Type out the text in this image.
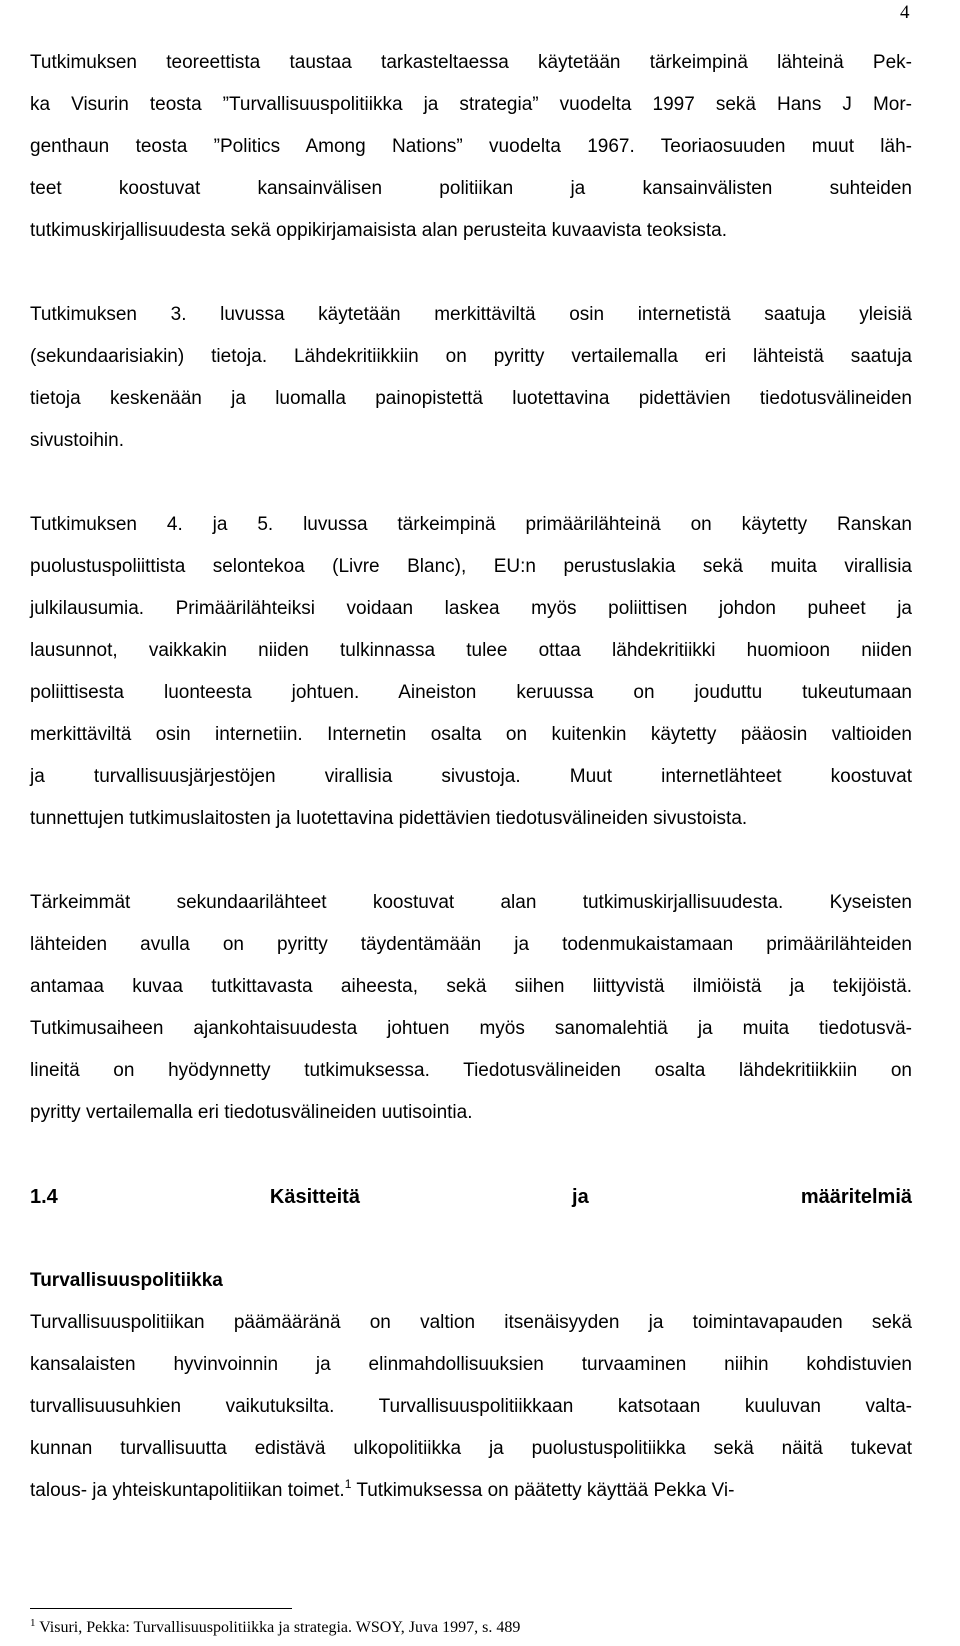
4
Tutkimuksen teoreettista taustaa tarkasteltaessa käytetään tärkeimpinä lähteinä Pek-
ka Visurin teosta ”Turvallisuuspolitiikka ja strategia” vuodelta 1997 sekä Hans J Mor-
genthaun teosta ”Politics Among Nations” vuodelta 1967. Teoriaosuuden muut läh-
teet koostuvat kansainvälisen politiikan ja kansainvälisten suhteiden
tutkimuskirjallisuudesta sekä oppikirjamaisista alan perusteita kuvaavista teoksista.
Tutkimuksen 3. luvussa käytetään merkittäviltä osin internetistä saatuja yleisiä
(sekundaarisiakin) tietoja. Lähdekritiikkiin on pyritty vertailemalla eri lähteistä saatuja
tietoja keskenään ja luomalla painopistettä luotettavina pidettävien tiedotusvälineiden
sivustoihin.
Tutkimuksen 4. ja 5. luvussa tärkeimpinä primäärilähteinä on käytetty Ranskan
puolustuspoliittista selontekoa (Livre Blanc), EU:n perustuslakia sekä muita virallisia
julkilausumia. Primäärilähteiksi voidaan laskea myös poliittisen johdon puheet ja
lausunnot, vaikkakin niiden tulkinnassa tulee ottaa lähdekritiikki huomioon niiden
poliittisesta luonteesta johtuen. Aineiston keruussa on jouduttu tukeutumaan
merkittäviltä osin internetiin. Internetin osalta on kuitenkin käytetty pääosin valtioiden
ja turvallisuusjärjestöjen virallisia sivustoja. Muut internetlähteet koostuvat
tunnettujen tutkimuslaitosten ja luotettavina pidettävien tiedotusvälineiden sivustoista.
Tärkeimmät sekundaarilähteet koostuvat alan tutkimuskirjallisuudesta. Kyseisten
lähteiden avulla on pyritty täydentämään ja todenmukaistamaan primäärilähteiden
antamaa kuvaa tutkittavasta aiheesta, sekä siihen liittyvistä ilmiöistä ja tekijöistä.
Tutkimusaiheen ajankohtaisuudesta johtuen myös sanomalehtiä ja muita tiedotusvä-
lineitä on hyödynnetty tutkimuksessa. Tiedotusvälineiden osalta lähdekritiikkiin on
pyritty vertailemalla eri tiedotusvälineiden uutisointia.
1.4 Käsitteitä ja määritelmiä
Turvallisuuspolitiikka
Turvallisuuspolitiikan päämääränä on valtion itsenäisyyden ja toimintavapauden sekä
kansalaisten hyvinvoinnin ja elinmahdollisuuksien turvaaminen niihin kohdistuvien
turvallisuusuhkien vaikutuksilta. Turvallisuuspolitiikkaan katsotaan kuuluvan valta-
kunnan turvallisuutta edistävä ulkopolitiikka ja puolustuspolitiikka sekä näitä tukevat
talous- ja yhteiskuntapolitiikan toimet.$^1$ Tutkimuksessa on päätetty käyttää Pekka Vi-
$^1$ Visuri, Pekka: Turvallisuuspolitiikka ja strategia. WSOY, Juva 1997, s. 489
